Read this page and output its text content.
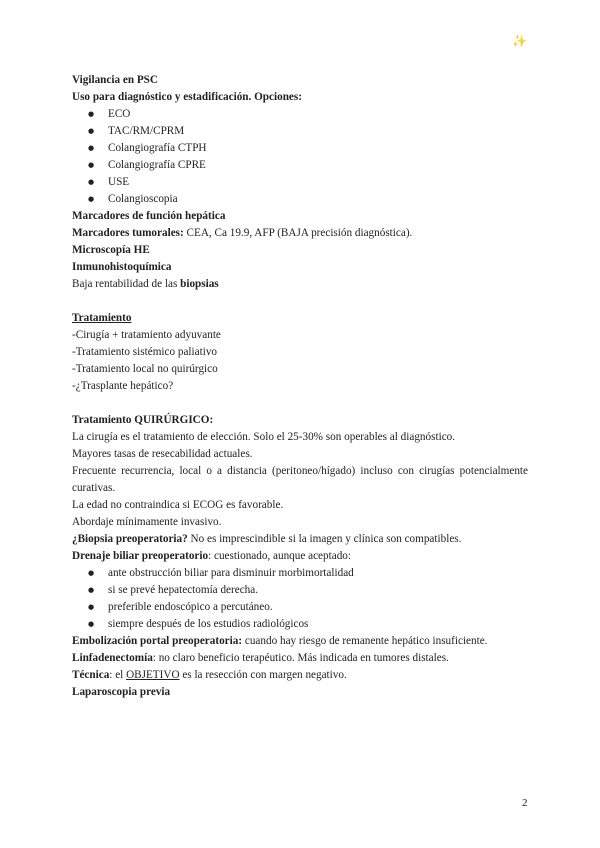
✨
Vigilancia en PSC
Uso para diagnóstico y estadificación. Opciones:
● ECO
● TAC/RM/CPRM
● Colangiografía CTPH
● Colangiografía CPRE
● USE
● Colangioscopia
Marcadores de función hepática
Marcadores tumorales: CEA, Ca 19.9, AFP (BAJA precisión diagnóstica).
Microscopía HE
Inmunohistoquímica
Baja rentabilidad de las biopsias
Tratamiento
-Cirugía + tratamiento adyuvante
-Tratamiento sistémico paliativo
-Tratamiento local no quirúrgico
-¿Trasplante hepático?
Tratamiento QUIRÚRGICO:
La cirugía es el tratamiento de elección. Solo el 25-30% son operables al diagnóstico.
Mayores tasas de resecabilidad actuales.
Frecuente recurrencia, local o a distancia (peritoneo/hígado) incluso con cirugías potencialmente curativas.
La edad no contraindica si ECOG es favorable.
Abordaje mínimamente invasivo.
¿Biopsia preoperatoria? No es imprescindible si la imagen y clínica son compatibles.
Drenaje biliar preoperatorio: cuestionado, aunque aceptado:
● ante obstrucción biliar para disminuir morbimortalidad
● si se prevé hepatectomía derecha.
● preferible endoscópico a percutáneo.
● siempre después de los estudios radiológicos
Embolización portal preoperatoria: cuando hay riesgo de remanente hepático insuficiente.
Linfadenectomía: no claro beneficio terapéutico. Más indicada en tumores distales.
Técnica: el OBJETIVO es la resección con margen negativo.
Laparoscopia previa
2
